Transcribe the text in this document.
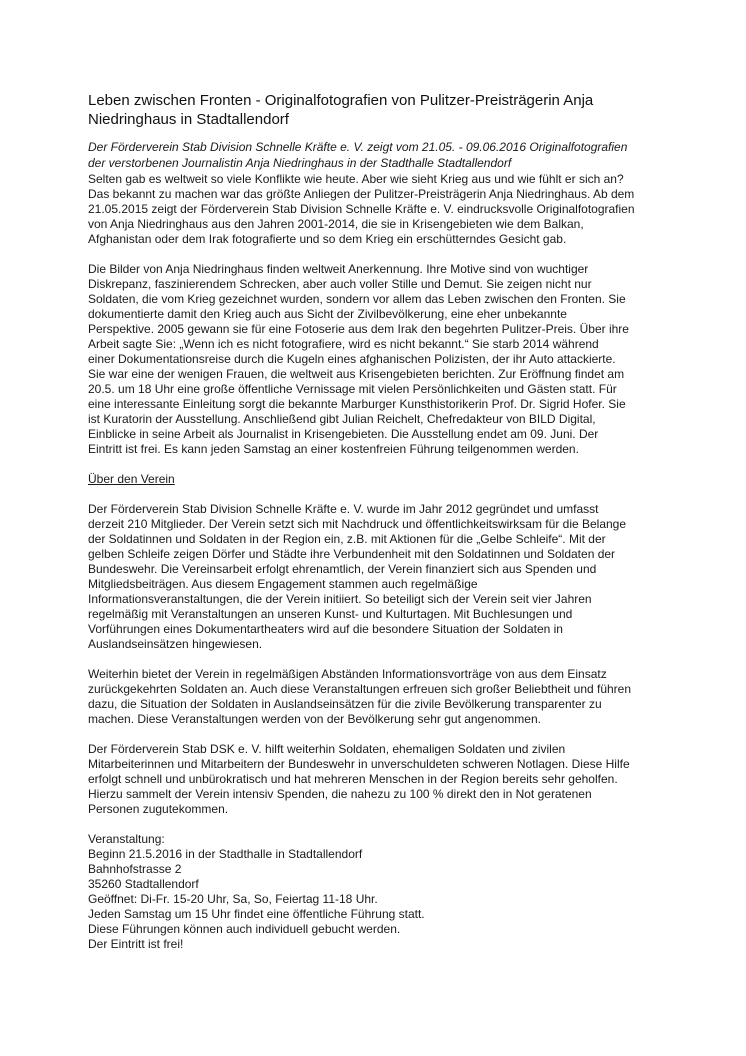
Leben zwischen Fronten - Originalfotografien von Pulitzer-Preisträgerin Anja
Niedringhaus in Stadtallendorf
Der Förderverein Stab Division Schnelle Kräfte e. V. zeigt vom 21.05. - 09.06.2016 Originalfotografien
der verstorbenen Journalistin Anja Niedringhaus in der Stadthalle Stadtallendorf
Selten gab es weltweit so viele Konflikte wie heute. Aber wie sieht Krieg aus und wie fühlt er sich an?
Das bekannt zu machen war das größte Anliegen der Pulitzer-Preisträgerin Anja Niedringhaus. Ab dem
21.05.2015 zeigt der Förderverein Stab Division Schnelle Kräfte e. V. eindrucksvolle Originalfotografien
von Anja Niedringhaus aus den Jahren 2001-2014, die sie in Krisengebieten wie dem Balkan,
Afghanistan oder dem Irak fotografierte und so dem Krieg ein erschütterndes Gesicht gab.
Die Bilder von Anja Niedringhaus finden weltweit Anerkennung. Ihre Motive sind von wuchtiger
Diskrepanz, faszinierendem Schrecken, aber auch voller Stille und Demut. Sie zeigen nicht nur
Soldaten, die vom Krieg gezeichnet wurden, sondern vor allem das Leben zwischen den Fronten. Sie
dokumentierte damit den Krieg auch aus Sicht der Zivilbevölkerung, eine eher unbekannte
Perspektive. 2005 gewann sie für eine Fotoserie aus dem Irak den begehrten Pulitzer-Preis. Über ihre
Arbeit sagte Sie: „Wenn ich es nicht fotografiere, wird es nicht bekannt.“ Sie starb 2014 während
einer Dokumentationsreise durch die Kugeln eines afghanischen Polizisten, der ihr Auto attackierte.
Sie war eine der wenigen Frauen, die weltweit aus Krisengebieten berichten. Zur Eröffnung findet am
20.5. um 18 Uhr eine große öffentliche Vernissage mit vielen Persönlichkeiten und Gästen statt. Für
eine interessante Einleitung sorgt die bekannte Marburger Kunsthistorikerin Prof. Dr. Sigrid Hofer. Sie
ist Kuratorin der Ausstellung. Anschließend gibt Julian Reichelt, Chefredakteur von BILD Digital,
Einblicke in seine Arbeit als Journalist in Krisengebieten. Die Ausstellung endet am 09. Juni. Der
Eintritt ist frei. Es kann jeden Samstag an einer kostenfreien Führung teilgenommen werden.
Über den Verein
Der Förderverein Stab Division Schnelle Kräfte e. V. wurde im Jahr 2012 gegründet und umfasst
derzeit 210 Mitglieder. Der Verein setzt sich mit Nachdruck und öffentlichkeitswirksam für die Belange
der Soldatinnen und Soldaten in der Region ein, z.B. mit Aktionen für die „Gelbe Schleife“. Mit der
gelben Schleife zeigen Dörfer und Städte ihre Verbundenheit mit den Soldatinnen und Soldaten der
Bundeswehr. Die Vereinsarbeit erfolgt ehrenamtlich, der Verein finanziert sich aus Spenden und
Mitgliedsbeiträgen. Aus diesem Engagement stammen auch regelmäßige
Informationsveranstaltungen, die der Verein initiiert. So beteiligt sich der Verein seit vier Jahren
regelmäßig mit Veranstaltungen an unseren Kunst- und Kulturtagen. Mit Buchlesungen und
Vorführungen eines Dokumentartheaters wird auf die besondere Situation der Soldaten in
Auslandseinsätzen hingewiesen.
Weiterhin bietet der Verein in regelmäßigen Abständen Informationsvorträge von aus dem Einsatz
zurückgekehrten Soldaten an. Auch diese Veranstaltungen erfreuen sich großer Beliebtheit und führen
dazu, die Situation der Soldaten in Auslandseinsätzen für die zivile Bevölkerung transparenter zu
machen. Diese Veranstaltungen werden von der Bevölkerung sehr gut angenommen.
Der Förderverein Stab DSK e. V. hilft weiterhin Soldaten, ehemaligen Soldaten und zivilen
Mitarbeiterinnen und Mitarbeitern der Bundeswehr in unverschuldeten schweren Notlagen. Diese Hilfe
erfolgt schnell und unbürokratisch und hat mehreren Menschen in der Region bereits sehr geholfen.
Hierzu sammelt der Verein intensiv Spenden, die nahezu zu 100 % direkt den in Not geratenen
Personen zugutekommen.
Veranstaltung:
Beginn 21.5.2016 in der Stadthalle in Stadtallendorf
Bahnhofstrasse 2
35260 Stadtallendorf
Geöffnet: Di-Fr. 15-20 Uhr, Sa, So, Feiertag 11-18 Uhr.
Jeden Samstag um 15 Uhr findet eine öffentliche Führung statt.
Diese Führungen können auch individuell gebucht werden.
Der Eintritt ist frei!
